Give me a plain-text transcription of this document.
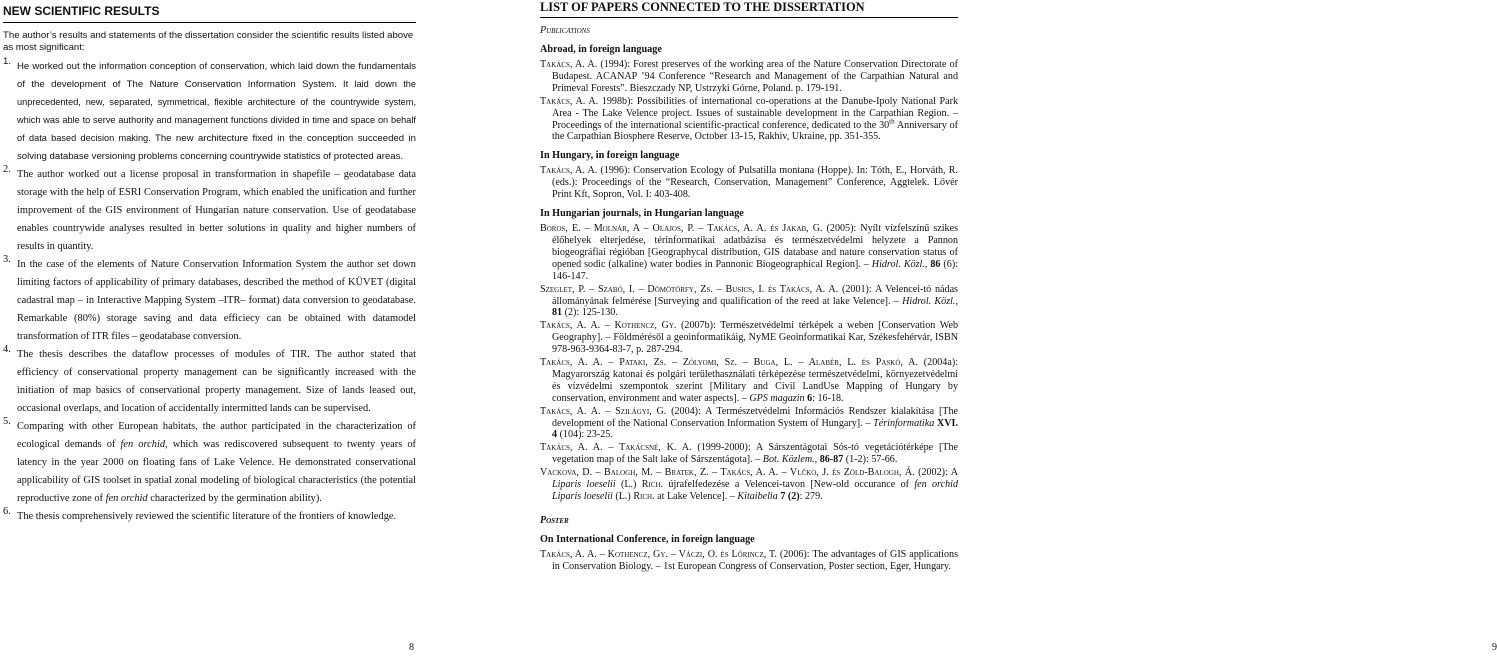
NEW SCIENTIFIC RESULTS

The author’s results and statements of the dissertation consider the scientific results listed above as most significant:

1. He worked out the information conception of conservation, which laid down the fundamentals of the development of The Nature Conservation Information System. It laid down the unprecedented, new, separated, symmetrical, flexible architecture of the countrywide system, which was able to serve authority and management functions divided in time and space on behalf of data based decision making. The new architecture fixed in the conception succeeded in solving database versioning problems concerning countrywide statistics of protected areas.
2. The author worked out a license proposal in transformation in shapefile – geodatabase data storage with the help of ESRI Conservation Program, which enabled the unification and further improvement of the GIS environment of Hungarian nature conservation. Use of geodatabase enables countrywide analyses resulted in better solutions in quality and higher numbers of results in quantity.
3. In the case of the elements of Nature Conservation Information System the author set down limiting factors of applicability of primary databases, described the method of KÜVET (digital cadastral map – in Interactive Mapping System –ITR– format) data conversion to geodatabase. Remarkable (80%) storage saving and data efficiecy can be obtained with datamodel transformation of ITR files – geodatabase conversion.
4. The thesis describes the dataflow processes of modules of TIR. The author stated that efficiency of conservational property management can be significantly increased with the initiation of map basics of conservational property management. Size of lands leased out, occasional overlaps, and location of accidentally intermitted lands can be supervised.
5. Comparing with other European habitats, the author participated in the characterization of ecological demands of fen orchid, which was rediscovered subsequent to twenty years of latency in the year 2000 on floating fans of Lake Velence. He demonstrated conservational applicability of GIS toolset in spatial zonal modeling of biological characteristics (the potential reproductive zone of fen orchid characterized by the germination ability).
6. The thesis comprehensively reviewed the scientific literature of the frontiers of knowledge.
8
LIST OF PAPERS CONNECTED TO THE DISSERTATION
Publications
Abroad, in foreign language

Takács, A. A. (1994): Forest preserves of the working area of the Nature Conservation Directorate of Budapest. ACANAP ’94 Conference “Research and Management of the Carpathian Natural and Primeval Forests”. Bieszczady NP, Ustrzyki Górne, Poland. p. 179-191.

Takács, A. A. 1998b): Possibilities of international co-operations at the Danube-Ipoly National Park Area - The Lake Velence project. Issues of sustainable development in the Carpathian Region. – Proceedings of the international scientific-practical conference, dedicated to the 30th Anniversary of the Carpathian Biosphere Reserve, October 13-15, Rakhiv, Ukraine, pp. 351-355.

In Hungary, in foreign language

Takács, A. A. (1996): Conservation Ecology of Pulsatilla montana (Hoppe). In: Tóth, E., Horváth, R. (eds.): Proceedings of the “Research, Conservation, Management” Conference, Aggtelek. Lővér Print Kft, Sopron, Vol. I: 403-408.

In Hungarian journals, in Hungarian language

Boros, E. – Molnár, A – Olajos, P. – Takács, A. A. és Jakab, G. (2005): Nyílt vízfelszínű szikes élőhelyek elterjedése, térinformatikai adatbázisa és természetvédelmi helyzete a Pannon biogeográfiai régióban [Geographycal distribution, GIS database and nature conservation status of opened sodic (alkaline) water bodies in Pannonic Biogeographical Region]. – Hidrol. Közl., 86 (6): 146-147.

Szeglet, P. – Szabó, I. – Dömötörfy, Zs. – Busics, I. és Takács, A. A. (2001): A Velencei-tó nádas állományának felmérése [Surveying and qualification of the reed at lake Velence]. – Hidrol. Közl., 81 (2): 125-130.

Takács, A. A. – Kothencz, Gy. (2007b): Természetvédelmi térképek a weben [Conservation Web Geography]. – Földmérésől a geoinformatikáig, NyME Geoinformatikai Kar, Székesfehérvár, ISBN 978-963-9364-83-7, p. 287-294.

Takács, A. A. – Pataki, Zs. – Zólyomi, Sz. – Buga, L. – Alabér, L. és Paskó, A. (2004a): Magyarország katonai és polgári területhasználati térképezése természetvédelmi, környezetvédelmi és vízvédelmi szempontok szerint [Military and Civil LandUse Mapping of Hungary by conservation, environment and water aspects]. – GPS magazin 6: 16-18.

Takács, A. A. – Szilágyi, G. (2004): A Természetvédelmi Információs Rendszer kialakítása [The development of the National Conservation Information System of Hungary]. – Térinformatika XVI. 4 (104): 23-25.

Takács, A. A. – Takácsné, K. A. (1999-2000): A Sárszentágotai Sós-tó vegetációtérképe [The vegetation map of the Salt lake of Sárszentágota]. – Bot. Közlem., 86-87 (1-2): 57-66.

Vackova, D. – Balogh, M. – Bratek, Z. – Takács, A. A. – Vlčko, J. és Zöld-Balogh, Á. (2002): A Liparis loeselii (L.) Rich. újrafelfedezése a Velencei-tavon [New-old occurance of fen orchid Liparis loeselii (L.) Rich. at Lake Velence]. – Kitaibelia 7 (2): 279.

Poster
On International Conference, in foreign language

Takács, A. A. – Kothencz, Gy. – Váczi, O. és Lőrincz, T. (2006): The advantages of GIS applications in Conservation Biology. – 1st European Congress of Conservation, Poster section, Eger, Hungary.

9
